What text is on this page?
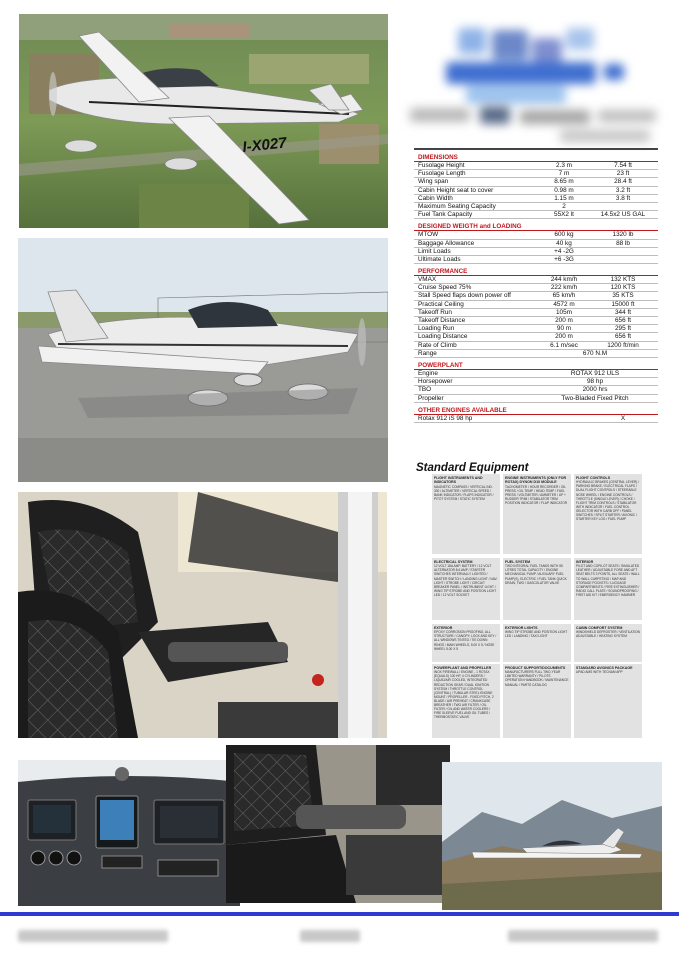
I-X027
DIMENSIONS
Fusolage Height	2.3 m	7.54 ft
Fusolage Length	7 m	23 ft
Wing span	8.65 m	28.4 ft
Cabin Height seat to cover	0.98 m	3.2 ft
Cabin Width	1.15 m	3.8 ft
Maximum Seating Capacity	2
Fuel Tank Capacity	55X2 lt	14.5x2 US GAL
DESIGNED WEIGTH and LOADING
MTOW	600 kg	1320 lb
Baggage Allowance	40 kg	88 lb
Limit Loads	+4 -2G
Ultimate Loads	+6 -3G
PERFORMANCE
VMAX	244 km/h	132 KTS
Cruise Speed 75%	222 km/h	120 KTS
Stall Speed flaps down power off	65 km/h	35 KTS
Practical Ceiling	4572 m	15000 ft
Takeoff Run	105m	344 ft
Takeoff Distance	200 m	656 ft
Loading Run	90 m	295 ft
Loading Distance	200 m	656 ft
Rate of Climb	6.1 m/sec	1200 ft/min
Range	670 N.M
POWERPLANT
Engine	ROTAX 912 ULS
Horsepower	98 hp
TBO	2000 hrs
Propeller	Two-Bladed Fixed Pitch
OTHER ENGINES AVAILABLE
Rotax 912 iS 98 hp	X
Standard Equipment
FLIGHT INSTRUMENTS AND INDICATORS
MAGNETIC COMPASS / VERTICAL IND. 300 / ALTIMETER / VERTICAL SPEED / BANK INDICATOR / FLAPS INDICATOR / PITOT SYSTEM / STATIC SYSTEM
ENGINE INSTRUMENTS (ONLY FOR ROTAX) DYNON D10 MODULE
TACHOMETER / HOUR RECORDER / OIL PRESS / OIL TEMP / HEAD TEMP / FUEL PRESS / VOLTMETER / AMMETER / UP + RUDDER TRIM / STABILATOR TRIM POSITION INDICATOR / FLAP INDICATOR
FLIGHT CONTROLS
HYDRAULIC BRAKES (CENTRAL LEVER) / PARKING BRAKE / ELECTRICAL FLAPS / DUAL FLIGHT CONTROLS / STEERABLE NOSE WHEEL / ENGINE CONTROLS / THROTTLE (SINGLE LEVER) / CHOKE / FLIGHT TRIM CONTROLS / STABILATOR WITH INDICATOR / FUEL CONTROL SELECTOR WITH CARB OFF / PANEL SWITCHES / SPLIT STARTER / AVIONIC / STARTER KEY LOG / FUEL PUMP
ELECTRICAL SYSTEM
12 VOLT 18A AMP. BATTERY / 12 VOLT ALTERNATOR 8.6 AMP / STARTER SWITCHES INTERNALLY LIGHTED / MASTER SWITCH / LANDING LIGHT / NAV. LIGHT / STROBE LIGHT / CIRCUIT BREAKER PANEL / INSTRUMENT LIGHT / WING TIP STROBE AND POSITION LIGHT LED / 12 VOLT SOCKET
FUEL SYSTEM
TWO INTEGRAL FUEL TANKS WITH 55 LITRES TOTAL CAPACITY / ENGINE MECHANICAL PUMP / AUXILIARY FUEL PUMP(S), ELECTRIC / FUEL TANK QUICK DRAIN, TWO / GASCOLATOR VALVE
INTERIOR
PILOT AND COPILOT SEATS / SIMULATED LEATHER / ADJUSTABLE FORE AND AFT SEAT BELTS 3 POINTS, ALL SEATS / WALL TO WALL CARPETING / MAP AND STORAGE POCKETS / LUGGAGE COMPARTMENTS / FIRE EXTINGUISHER / RADIO CALL PLATE / SOUNDPROOFING / FIRST AID KIT / EMERGENCY HAMMER
EXTERIOR
EPOXY CORROSION PROOFING, ALL STRUCTURE / CANOPY, LOCK AND KEY / ALL WINDOWS TINTED / TIE DOWN RINGS / MAIN WHEELS, 5.00 X 5 / NOSE WHEEL 5.00 X 5
EXTERIOR LIGHTS
WING TIP STROBE AND POSITION LIGHT LED / LANDING / TAXI LIGHT
CABIN COMFORT SYSTEM
WINDSHIELD DEFROSTER / VENTILATION ADJUSTABLE / HEATING SYSTEM
POWERPLANT AND PROPELLER
INOX FIREWALL / ENGINE - 1 ROTAX (EQUALS) 100 HP, 4 CYLINDERS / LIQUID/AIR COOLED, INTEGRATED REDUCTION GEAR / DUAL IGNITION SYSTEM / THROTTLE CONTROL (CENTRAL) / TUBULAR STEEL ENGINE MOUNT / PROPELLER - FIXED PITCH, 2 BLADE / AIR PREHEAT / CRANKCASE BREATHER / TWO AIR FILTER / OIL FILTER / OIL AND WATER COOLERS / FIRE SLEEVE FUEL AND OIL TUBES / THERMOSTATIC VALVE
PRODUCT SUPPORT/DOCUMENTS
MANUFACTURERS FULL TWO-YEAR LIMITED WARRANTY / PILOTS OPERATION HANDBOOK / MAINTENANCE MANUAL / PARTS CATALOG
STANDARD AVIONICS PACKAGE
UPAD AMS WITH TECNAM APP
